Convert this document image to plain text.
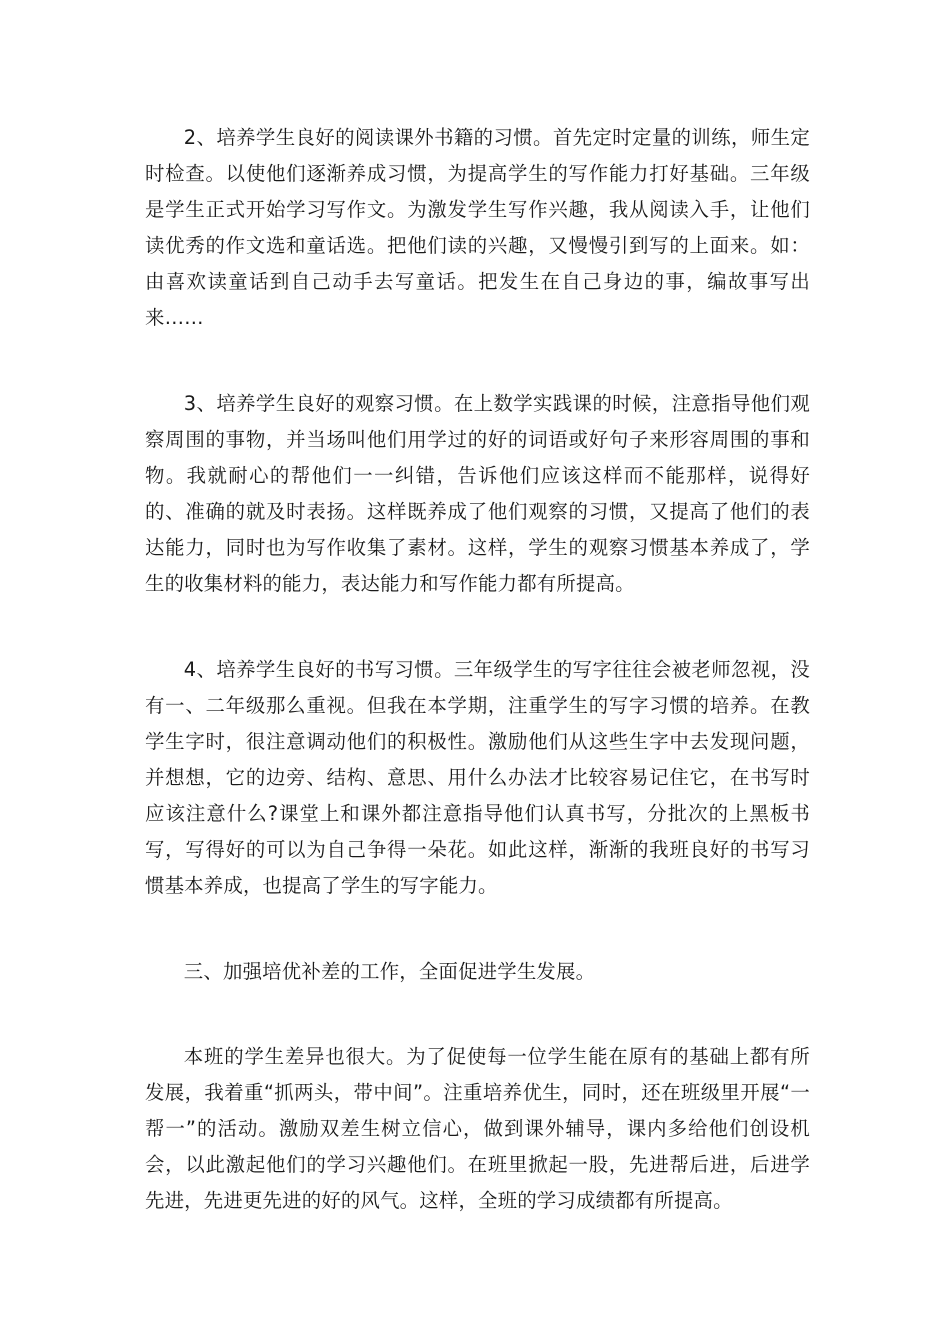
2、培养学生良好的阅读课外书籍的习惯。首先定时定量的训练，师生定时检查。以使他们逐渐养成习惯，为提高学生的写作能力打好基础。三年级是学生正式开始学习写作文。为激发学生写作兴趣，我从阅读入手，让他们读优秀的作文选和童话选。把他们读的兴趣，又慢慢引到写的上面来。如：由喜欢读童话到自己动手去写童话。把发生在自己身边的事，编故事写出来……

3、培养学生良好的观察习惯。在上数学实践课的时候，注意指导他们观察周围的事物，并当场叫他们用学过的好的词语或好句子来形容周围的事和物。我就耐心的帮他们一一纠错，告诉他们应该这样而不能那样，说得好的、准确的就及时表扬。这样既养成了他们观察的习惯，又提高了他们的表达能力，同时也为写作收集了素材。这样，学生的观察习惯基本养成了，学生的收集材料的能力，表达能力和写作能力都有所提高。

4、培养学生良好的书写习惯。三年级学生的写字往往会被老师忽视，没有一、二年级那么重视。但我在本学期，注重学生的写字习惯的培养。在教学生字时，很注意调动他们的积极性。激励他们从这些生字中去发现问题，并想想，它的边旁、结构、意思、用什么办法才比较容易记住它，在书写时应该注意什么?课堂上和课外都注意指导他们认真书写，分批次的上黑板书写，写得好的可以为自己争得一朵花。如此这样，渐渐的我班良好的书写习惯基本养成，也提高了学生的写字能力。

三、加强培优补差的工作，全面促进学生发展。

本班的学生差异也很大。为了促使每一位学生能在原有的基础上都有所发展，我着重“抓两头，带中间”。注重培养优生，同时，还在班级里开展“一帮一”的活动。激励双差生树立信心，做到课外辅导，课内多给他们创设机会，以此激起他们的学习兴趣他们。在班里掀起一股，先进帮后进，后进学先进，先进更先进的好的风气。这样，全班的学习成绩都有所提高。
